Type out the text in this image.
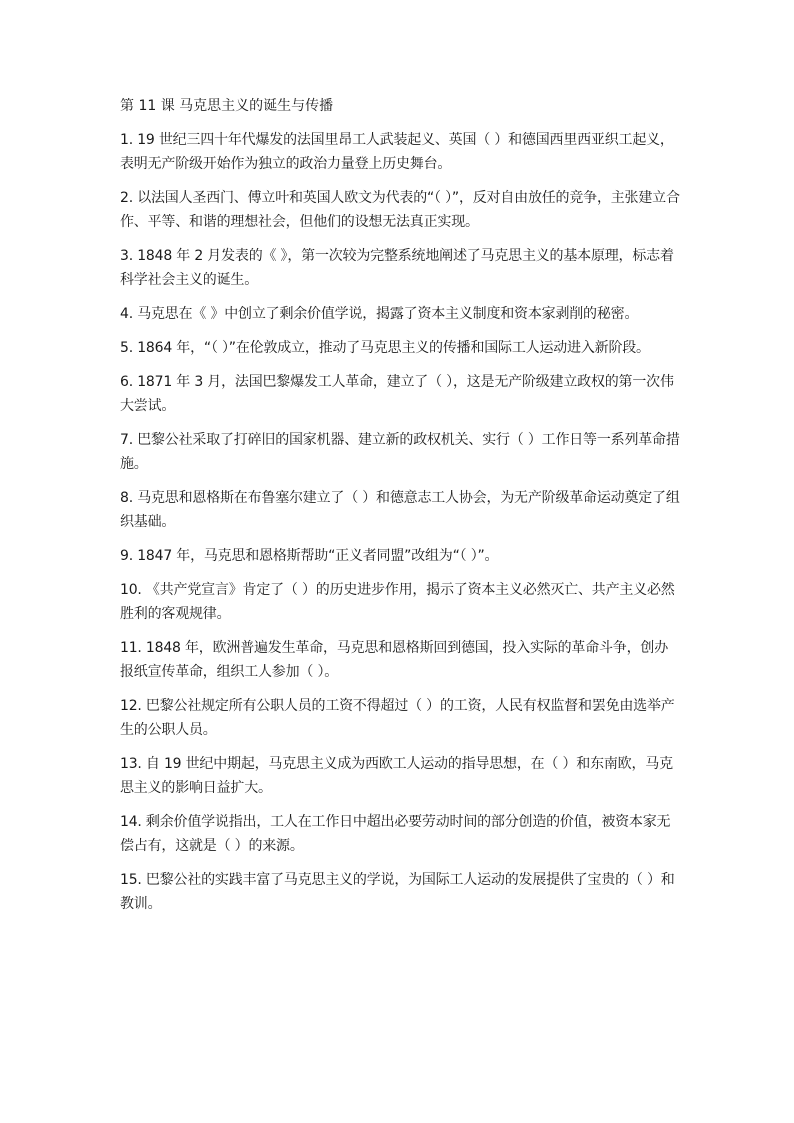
第 11 课 马克思主义的诞生与传播

1. 19 世纪三四十年代爆发的法国里昂工人武装起义、英国（ ）和德国西里西亚织工起义，表明无产阶级开始作为独立的政治力量登上历史舞台。

2. 以法国人圣西门、傅立叶和英国人欧文为代表的“（ ）”，反对自由放任的竞争，主张建立合作、平等、和谐的理想社会，但他们的设想无法真正实现。

3. 1848 年 2 月发表的《 》，第一次较为完整系统地阐述了马克思主义的基本原理，标志着科学社会主义的诞生。

4. 马克思在《 》中创立了剩余价值学说，揭露了资本主义制度和资本家剥削的秘密。

5. 1864 年，“（ ）”在伦敦成立，推动了马克思主义的传播和国际工人运动进入新阶段。

6. 1871 年 3 月，法国巴黎爆发工人革命，建立了（ ），这是无产阶级建立政权的第一次伟大尝试。

7. 巴黎公社采取了打碎旧的国家机器、建立新的政权机关、实行（ ）工作日等一系列革命措施。

8. 马克思和恩格斯在布鲁塞尔建立了（ ）和德意志工人协会，为无产阶级革命运动奠定了组织基础。

9. 1847 年，马克思和恩格斯帮助“正义者同盟”改组为“（ ）”。

10. 《共产党宣言》肯定了（ ）的历史进步作用，揭示了资本主义必然灭亡、共产主义必然胜利的客观规律。

11. 1848 年，欧洲普遍发生革命，马克思和恩格斯回到德国，投入实际的革命斗争，创办报纸宣传革命，组织工人参加（ ）。

12. 巴黎公社规定所有公职人员的工资不得超过（ ）的工资，人民有权监督和罢免由选举产生的公职人员。

13. 自 19 世纪中期起，马克思主义成为西欧工人运动的指导思想，在（ ）和东南欧，马克思主义的影响日益扩大。

14. 剩余价值学说指出，工人在工作日中超出必要劳动时间的部分创造的价值，被资本家无偿占有，这就是（ ）的来源。

15. 巴黎公社的实践丰富了马克思主义的学说，为国际工人运动的发展提供了宝贵的（ ）和教训。
